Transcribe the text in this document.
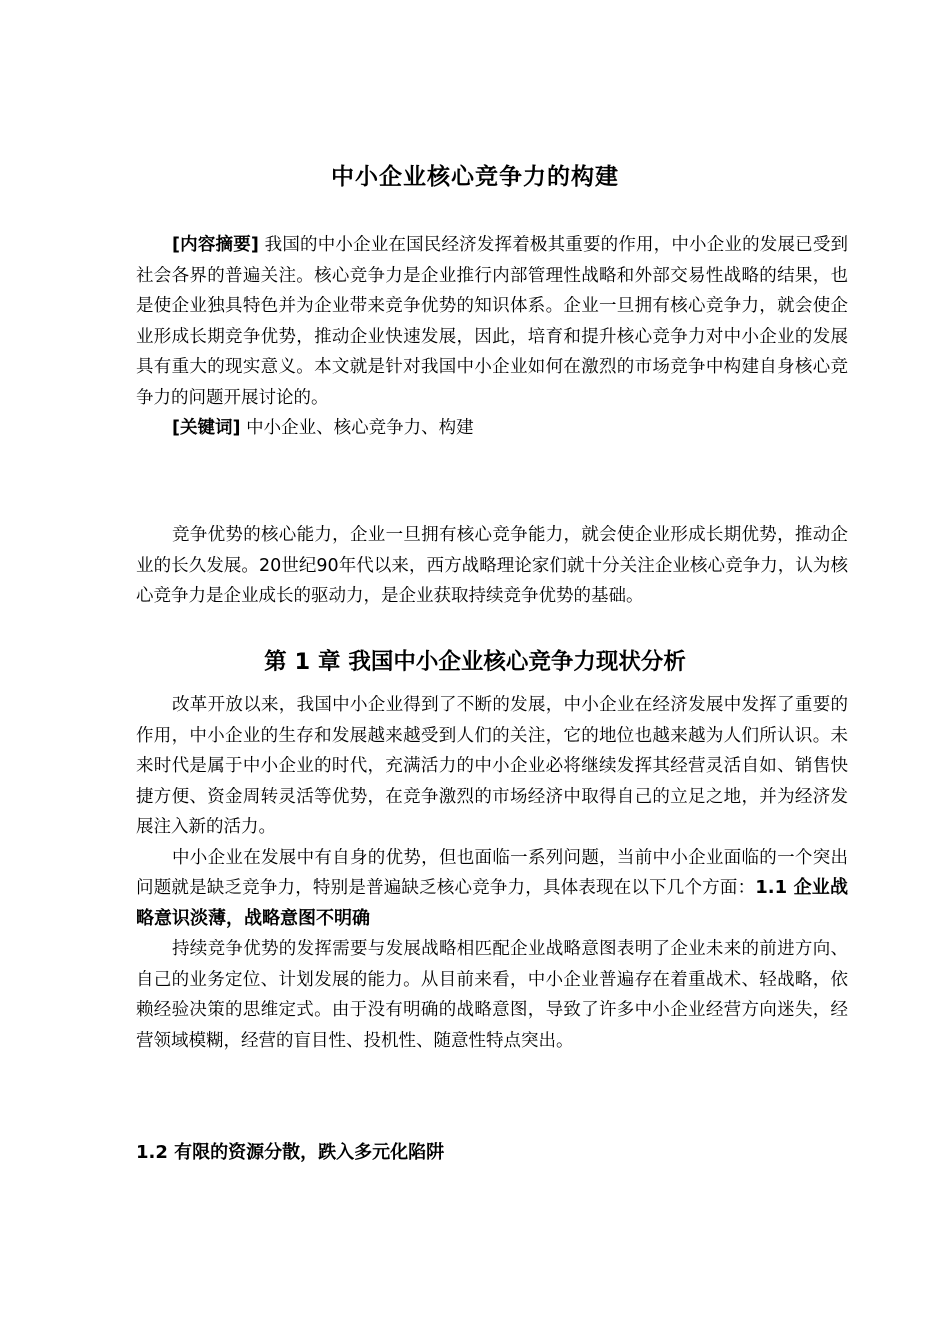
中小企业核心竞争力的构建

[内容摘要] 我国的中小企业在国民经济发挥着极其重要的作用，中小企业的发展已受到社会各界的普遍关注。核心竞争力是企业推行内部管理性战略和外部交易性战略的结果，也是使企业独具特色并为企业带来竞争优势的知识体系。企业一旦拥有核心竞争力，就会使企业形成长期竞争优势，推动企业快速发展，因此，培育和提升核心竞争力对中小企业的发展具有重大的现实意义。本文就是针对我国中小企业如何在激烈的市场竞争中构建自身核心竞争力的问题开展讨论的。

[关键词] 中小企业、核心竞争力、构建

竞争优势的核心能力，企业一旦拥有核心竞争能力，就会使企业形成长期优势，推动企业的长久发展。20世纪90年代以来，西方战略理论家们就十分关注企业核心竞争力，认为核心竞争力是企业成长的驱动力，是企业获取持续竞争优势的基础。

第 1 章 我国中小企业核心竞争力现状分析

改革开放以来，我国中小企业得到了不断的发展，中小企业在经济发展中发挥了重要的作用，中小企业的生存和发展越来越受到人们的关注，它的地位也越来越为人们所认识。未来时代是属于中小企业的时代，充满活力的中小企业必将继续发挥其经营灵活自如、销售快捷方便、资金周转灵活等优势，在竞争激烈的市场经济中取得自己的立足之地，并为经济发展注入新的活力。

中小企业在发展中有自身的优势，但也面临一系列问题，当前中小企业面临的一个突出问题就是缺乏竞争力，特别是普遍缺乏核心竞争力，具体表现在以下几个方面：1.1 企业战略意识淡薄，战略意图不明确

持续竞争优势的发挥需要与发展战略相匹配企业战略意图表明了企业未来的前进方向、自己的业务定位、计划发展的能力。从目前来看，中小企业普遍存在着重战术、轻战略，依赖经验决策的思维定式。由于没有明确的战略意图，导致了许多中小企业经营方向迷失，经营领域模糊，经营的盲目性、投机性、随意性特点突出。

1.2 有限的资源分散，跌入多元化陷阱
